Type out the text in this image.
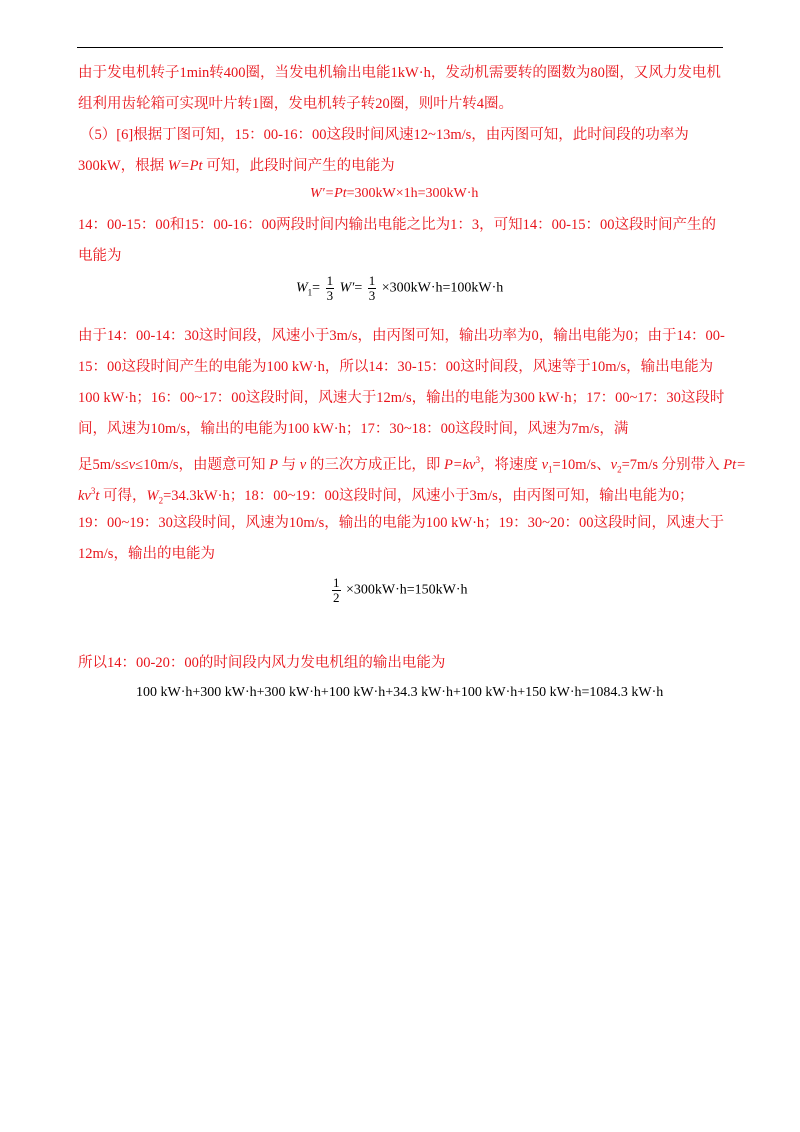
由于发电机转子1min转400圈，当发电机输出电能1kW·h，发动机需要转的圈数为80圈，又风力发电机
组利用齿轮箱可实现叶片转1圈，发电机转子转20圈，则叶片转4圈。
（5）[6]根据丁图可知，15：00-16：00这段时间风速12~13m/s，由丙图可知，此时间段的功率为
300kW，根据 W=Pt 可知，此段时间产生的电能为
W′=Pt=300kW×1h=300kW·h
14：00-15：00和15：00-16：00两段时间内输出电能之比为1：3，可知14：00-15：00这段时间产生的
电能为
$W_1= \frac{1}{3} W'= \frac{1}{3} \times 300kW\cdot h=100kW\cdot h$
由于14：00-14：30这时间段，风速小于3m/s，由丙图可知，输出功率为0，输出电能为0；由于14：00-
15：00这段时间产生的电能为100 kW·h，所以14：30-15：00这时间段，风速等于10m/s，输出电能为
100 kW·h；16：00~17：00这段时间，风速大于12m/s，输出的电能为300 kW·h；17：00~17：30这段时
间，风速为10m/s，输出的电能为100 kW·h；17：30~18：00这段时间，风速为7m/s，满
足5m/s≤v≤10m/s，由题意可知 P 与 v 的三次方成正比，即 $P=kv^3$，将速度 $v_1=10m/s$、$v_2=7m/s$ 分别带入 Pt=
$kv^3t$ 可得，$W_2=34.3kW\cdot h$；18：00~19：00这段时间，风速小于3m/s，由丙图可知，输出电能为0；
19：00~19：30这段时间，风速为10m/s，输出的电能为100 kW·h；19：30~20：00这段时间，风速大于
12m/s，输出的电能为
$\frac{1}{2} \times 300kW\cdot h=150kW\cdot h$
所以14：00-20：00的时间段内风力发电机组的输出电能为
100 kW·h+300 kW·h+300 kW·h+100 kW·h+34.3 kW·h+100 kW·h+150 kW·h=1084.3 kW·h
